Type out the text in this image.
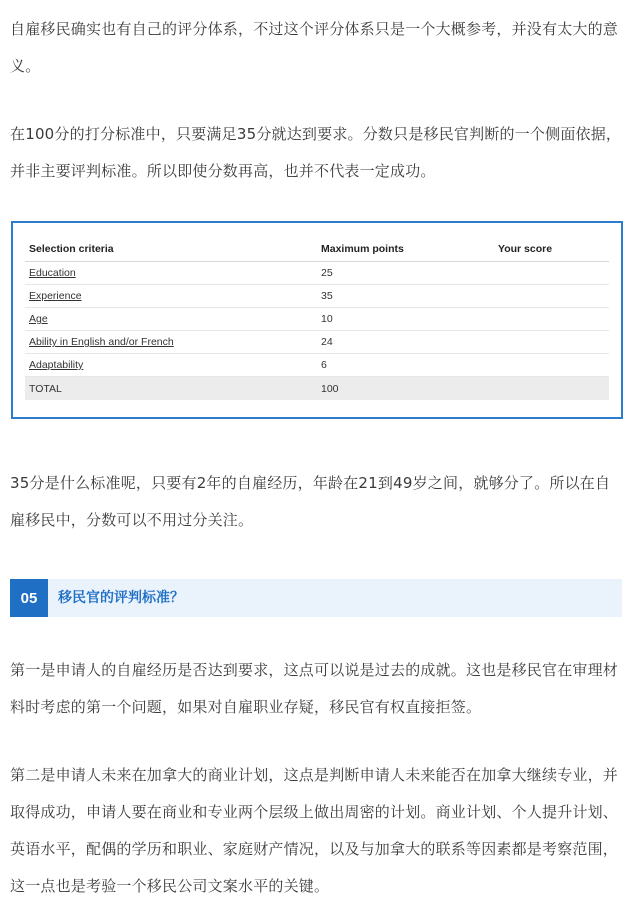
自雇移民确实也有自己的评分体系，不过这个评分体系只是一个大概参考，并没有太大的意义。

在100分的打分标准中，只要满足35分就达到要求。分数只是移民官判断的一个侧面依据，并非主要评判标准。所以即使分数再高，也并不代表一定成功。

Selection criteria	Maximum points	Your score
Education	25
Experience	35
Age	10
Ability in English and/or French	24
Adaptability	6
TOTAL	100

35分是什么标准呢，只要有2年的自雇经历，年龄在21到49岁之间，就够分了。所以在自雇移民中，分数可以不用过分关注。

05	移民官的评判标准？

第一是申请人的自雇经历是否达到要求，这点可以说是过去的成就。这也是移民官在审理材料时考虑的第一个问题，如果对自雇职业存疑，移民官有权直接拒签。

第二是申请人未来在加拿大的商业计划，这点是判断申请人未来能否在加拿大继续专业，并取得成功，申请人要在商业和专业两个层级上做出周密的计划。商业计划、个人提升计划、英语水平，配偶的学历和职业、家庭财产情况，以及与加拿大的联系等因素都是考察范围，这一点也是考验一个移民公司文案水平的关键。
